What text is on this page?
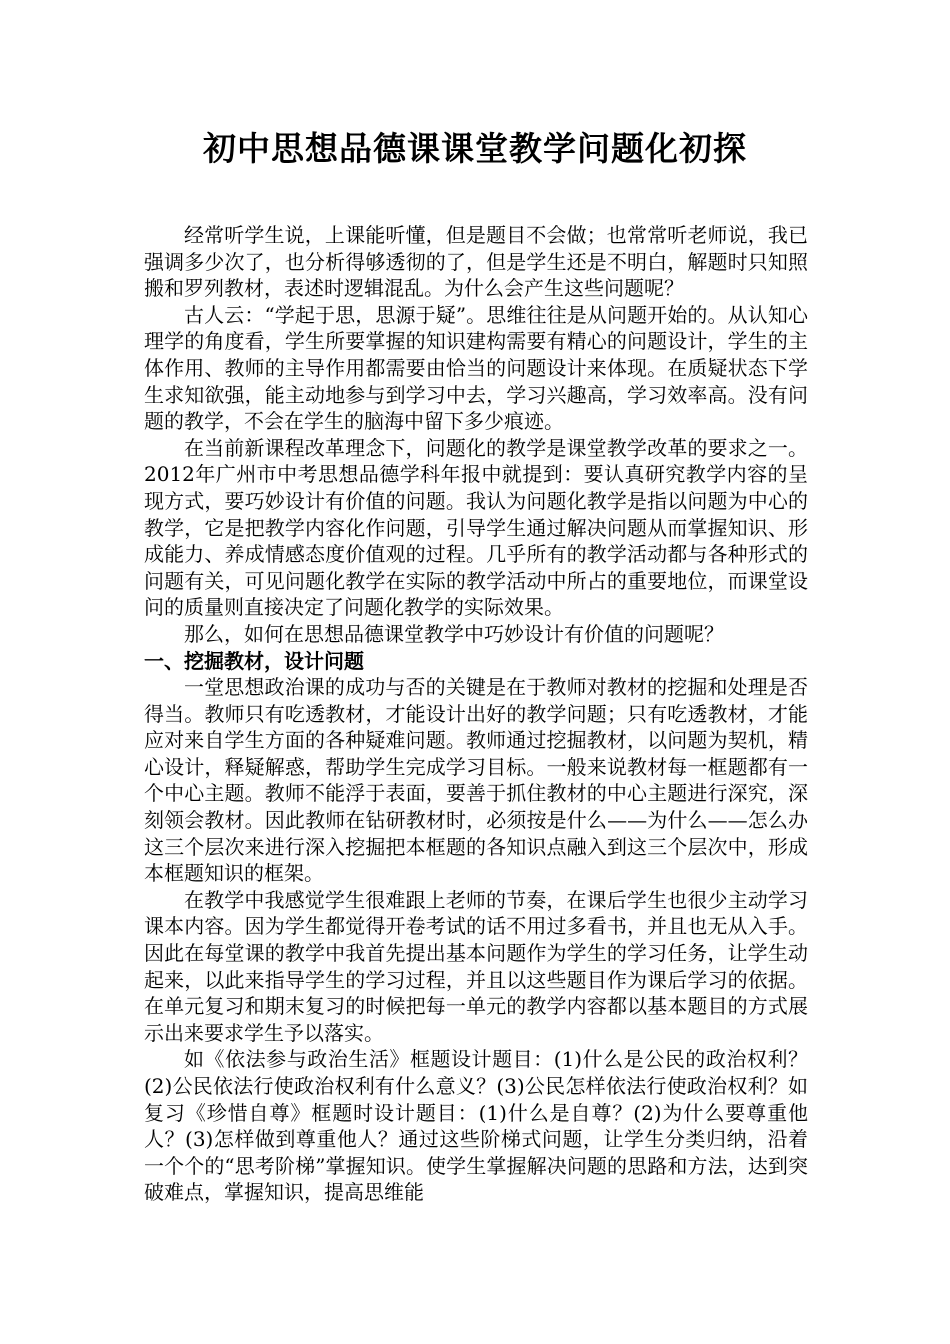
初中思想品德课课堂教学问题化初探

经常听学生说，上课能听懂，但是题目不会做；也常常听老师说，我已强调多少次了，也分析得够透彻的了，但是学生还是不明白，解题时只知照搬和罗列教材，表述时逻辑混乱。为什么会产生这些问题呢？

古人云：“学起于思，思源于疑”。思维往往是从问题开始的。从认知心理学的角度看，学生所要掌握的知识建构需要有精心的问题设计，学生的主体作用、教师的主导作用都需要由恰当的问题设计来体现。在质疑状态下学生求知欲强，能主动地参与到学习中去，学习兴趣高，学习效率高。没有问题的教学，不会在学生的脑海中留下多少痕迹。

在当前新课程改革理念下，问题化的教学是课堂教学改革的要求之一。2012年广州市中考思想品德学科年报中就提到：要认真研究教学内容的呈现方式，要巧妙设计有价值的问题。我认为问题化教学是指以问题为中心的教学，它是把教学内容化作问题，引导学生通过解决问题从而掌握知识、形成能力、养成情感态度价值观的过程。几乎所有的教学活动都与各种形式的问题有关，可见问题化教学在实际的教学活动中所占的重要地位，而课堂设问的质量则直接决定了问题化教学的实际效果。

那么，如何在思想品德课堂教学中巧妙设计有价值的问题呢？

一、挖掘教材，设计问题

一堂思想政治课的成功与否的关键是在于教师对教材的挖掘和处理是否得当。教师只有吃透教材，才能设计出好的教学问题；只有吃透教材，才能应对来自学生方面的各种疑难问题。教师通过挖掘教材，以问题为契机，精心设计，释疑解惑，帮助学生完成学习目标。一般来说教材每一框题都有一个中心主题。教师不能浮于表面，要善于抓住教材的中心主题进行深究，深刻领会教材。因此教师在钻研教材时，必须按是什么——为什么——怎么办这三个层次来进行深入挖掘把本框题的各知识点融入到这三个层次中，形成本框题知识的框架。

在教学中我感觉学生很难跟上老师的节奏，在课后学生也很少主动学习课本内容。因为学生都觉得开卷考试的话不用过多看书，并且也无从入手。因此在每堂课的教学中我首先提出基本问题作为学生的学习任务，让学生动起来，以此来指导学生的学习过程，并且以这些题目作为课后学习的依据。在单元复习和期末复习的时候把每一单元的教学内容都以基本题目的方式展示出来要求学生予以落实。

如《依法参与政治生活》框题设计题目：(1)什么是公民的政治权利？(2)公民依法行使政治权利有什么意义？(3)公民怎样依法行使政治权利？如复习《珍惜自尊》框题时设计题目：(1)什么是自尊？(2)为什么要尊重他人？(3)怎样做到尊重他人？通过这些阶梯式问题，让学生分类归纳，沿着一个个的“思考阶梯”掌握知识。使学生掌握解决问题的思路和方法，达到突破难点，掌握知识，提高思维能
